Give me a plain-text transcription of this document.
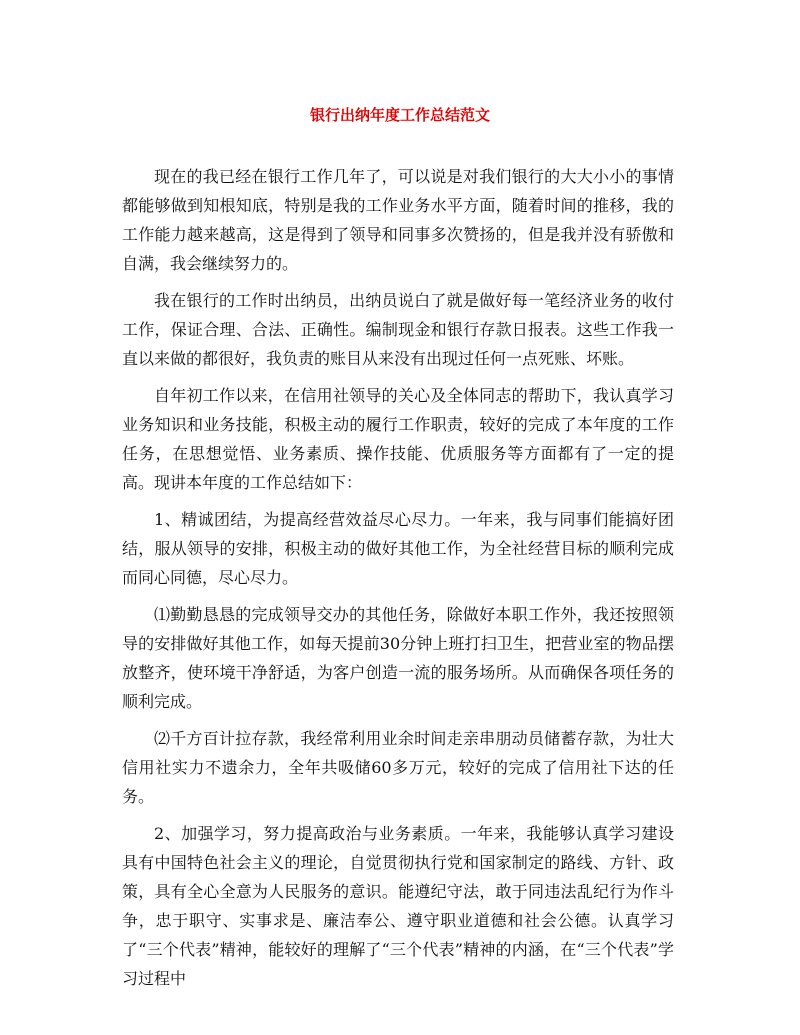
银行出纳年度工作总结范文

现在的我已经在银行工作几年了，可以说是对我们银行的大大小小的事情都能够做到知根知底，特别是我的工作业务水平方面，随着时间的推移，我的工作能力越来越高，这是得到了领导和同事多次赞扬的，但是我并没有骄傲和自满，我会继续努力的。

我在银行的工作时出纳员，出纳员说白了就是做好每一笔经济业务的收付工作，保证合理、合法、正确性。编制现金和银行存款日报表。这些工作我一直以来做的都很好，我负责的账目从来没有出现过任何一点死账、坏账。

自年初工作以来，在信用社领导的关心及全体同志的帮助下，我认真学习业务知识和业务技能，积极主动的履行工作职责，较好的完成了本年度的工作任务，在思想觉悟、业务素质、操作技能、优质服务等方面都有了一定的提高。现讲本年度的工作总结如下：

1、精诚团结，为提高经营效益尽心尽力。一年来，我与同事们能搞好团结，服从领导的安排，积极主动的做好其他工作，为全社经营目标的顺利完成而同心同德，尽心尽力。

⑴勤勤恳恳的完成领导交办的其他任务，除做好本职工作外，我还按照领导的安排做好其他工作，如每天提前30分钟上班打扫卫生，把营业室的物品摆放整齐，使环境干净舒适，为客户创造一流的服务场所。从而确保各项任务的顺利完成。

⑵千方百计拉存款，我经常利用业余时间走亲串朋动员储蓄存款，为壮大信用社实力不遗余力，全年共吸储60多万元，较好的完成了信用社下达的任务。

2、加强学习，努力提高政治与业务素质。一年来，我能够认真学习建设具有中国特色社会主义的理论，自觉贯彻执行党和国家制定的路线、方针、政策，具有全心全意为人民服务的意识。能遵纪守法，敢于同违法乱纪行为作斗争，忠于职守、实事求是、廉洁奉公、遵守职业道德和社会公德。认真学习了“三个代表”精神，能较好的理解了“三个代表”精神的内涵，在“三个代表”学习过程中
